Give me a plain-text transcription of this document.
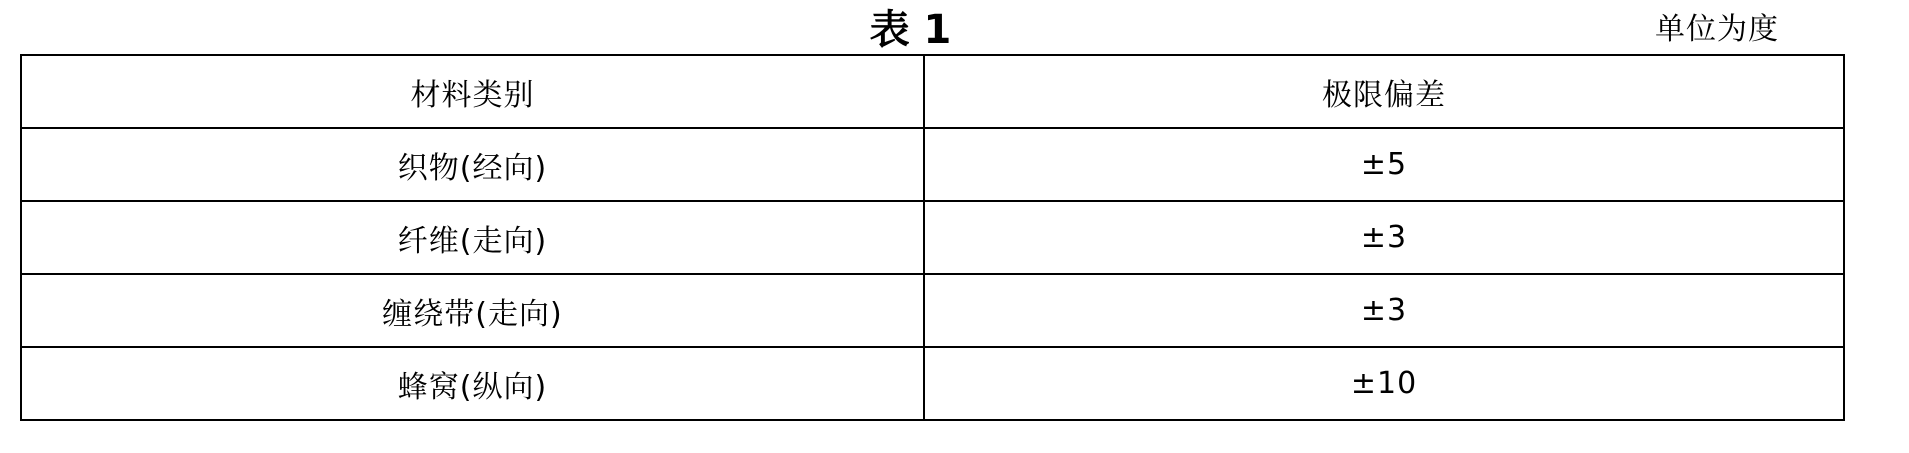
表 1	单位为度
材料类别	极限偏差
织物(经向)	±5
纤维(走向)	±3
缠绕带(走向)	±3
蜂窝(纵向)	±10
